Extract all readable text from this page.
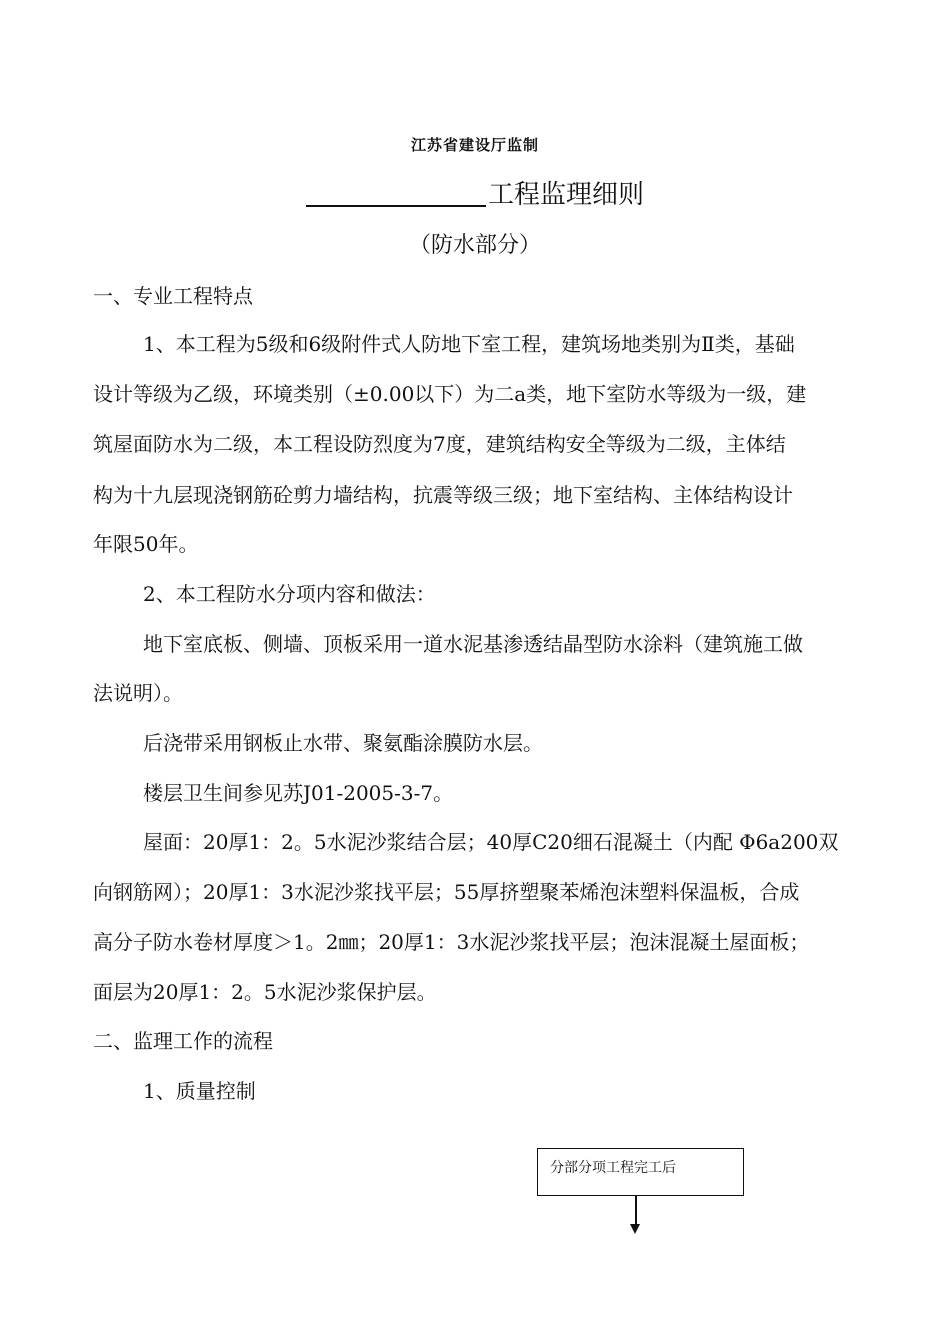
江苏省建设厅监制
工程监理细则
（防水部分）
一、专业工程特点
1、本工程为5级和6级附件式人防地下室工程，建筑场地类别为Ⅱ类，基础
设计等级为乙级，环境类别（±0.00以下）为二a类，地下室防水等级为一级，建
筑屋面防水为二级，本工程设防烈度为7度，建筑结构安全等级为二级，主体结
构为十九层现浇钢筋砼剪力墙结构，抗震等级三级；地下室结构、主体结构设计
年限50年。
2、本工程防水分项内容和做法：
地下室底板、侧墙、顶板采用一道水泥基渗透结晶型防水涂料（建筑施工做
法说明）。
后浇带采用钢板止水带、聚氨酯涂膜防水层。
楼层卫生间参见苏J01-2005-3-7。
屋面：20厚1：2。5水泥沙浆结合层；40厚C20细石混凝土（内配 Φ6a200双
向钢筋网）；20厚1：3水泥沙浆找平层；55厚挤塑聚苯烯泡沫塑料保温板，合成
高分子防水卷材厚度＞1。2㎜；20厚1：3水泥沙浆找平层；泡沫混凝土屋面板；
面层为20厚1：2。5水泥沙浆保护层。
二、监理工作的流程
1、质量控制
分部分项工程完工后
